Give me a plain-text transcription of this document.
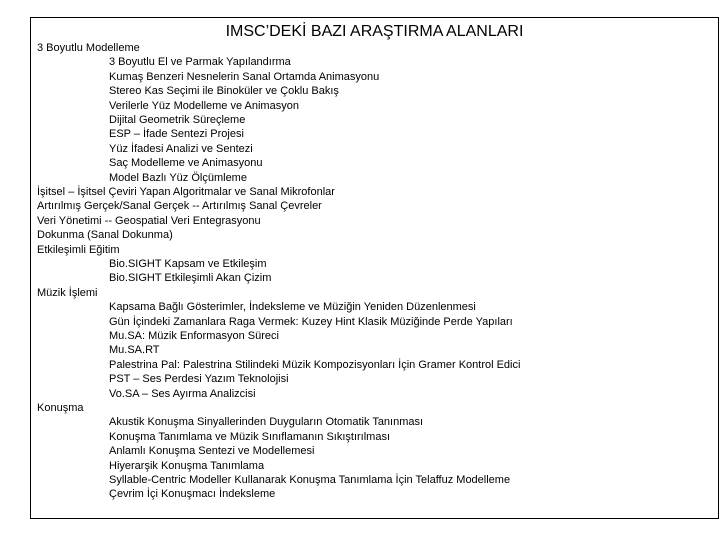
IMSC’DEKİ BAZI ARAŞTIRMA ALANLARI
3 Boyutlu Modelleme
3 Boyutlu El ve Parmak Yapılandırma
Kumaş Benzeri Nesnelerin Sanal Ortamda Animasyonu
Stereo Kas Seçimi ile Binoküler ve Çoklu Bakış
Verilerle Yüz Modelleme ve Animasyon
Dijital Geometrik Süreçleme
ESP – İfade Sentezi Projesi
Yüz İfadesi Analizi ve Sentezi
Saç Modelleme ve Animasyonu
Model Bazlı Yüz Ölçümleme
İşitsel – İşitsel Çeviri Yapan Algoritmalar ve Sanal Mikrofonlar
Artırılmış Gerçek/Sanal Gerçek -- Artırılmış Sanal Çevreler
Veri Yönetimi -- Geospatial Veri Entegrasyonu
Dokunma (Sanal Dokunma)
Etkileşimli Eğitim
Bio.SIGHT Kapsam ve Etkileşim
Bio.SIGHT Etkileşimli Akan Çizim
Müzik İşlemi
Kapsama Bağlı Gösterimler, İndeksleme ve Müziğin Yeniden Düzenlenmesi
Gün İçindeki Zamanlara Raga Vermek: Kuzey Hint Klasik Müziğinde Perde Yapıları
Mu.SA: Müzik Enformasyon Süreci
Mu.SA.RT
Palestrina Pal: Palestrina Stilindeki Müzik Kompozisyonları İçin Gramer Kontrol Edici
PST – Ses Perdesi Yazım Teknolojisi
Vo.SA – Ses Ayırma Analizcisi
Konuşma
Akustik Konuşma Sinyallerinden Duyguların Otomatik Tanınması
Konuşma Tanımlama ve Müzik Sınıflamanın Sıkıştırılması
Anlamlı Konuşma Sentezi ve Modellemesi
Hiyerarşik Konuşma Tanımlama
Syllable-Centric Modeller Kullanarak Konuşma Tanımlama İçin Telaffuz Modelleme
Çevrim İçi Konuşmacı İndeksleme
